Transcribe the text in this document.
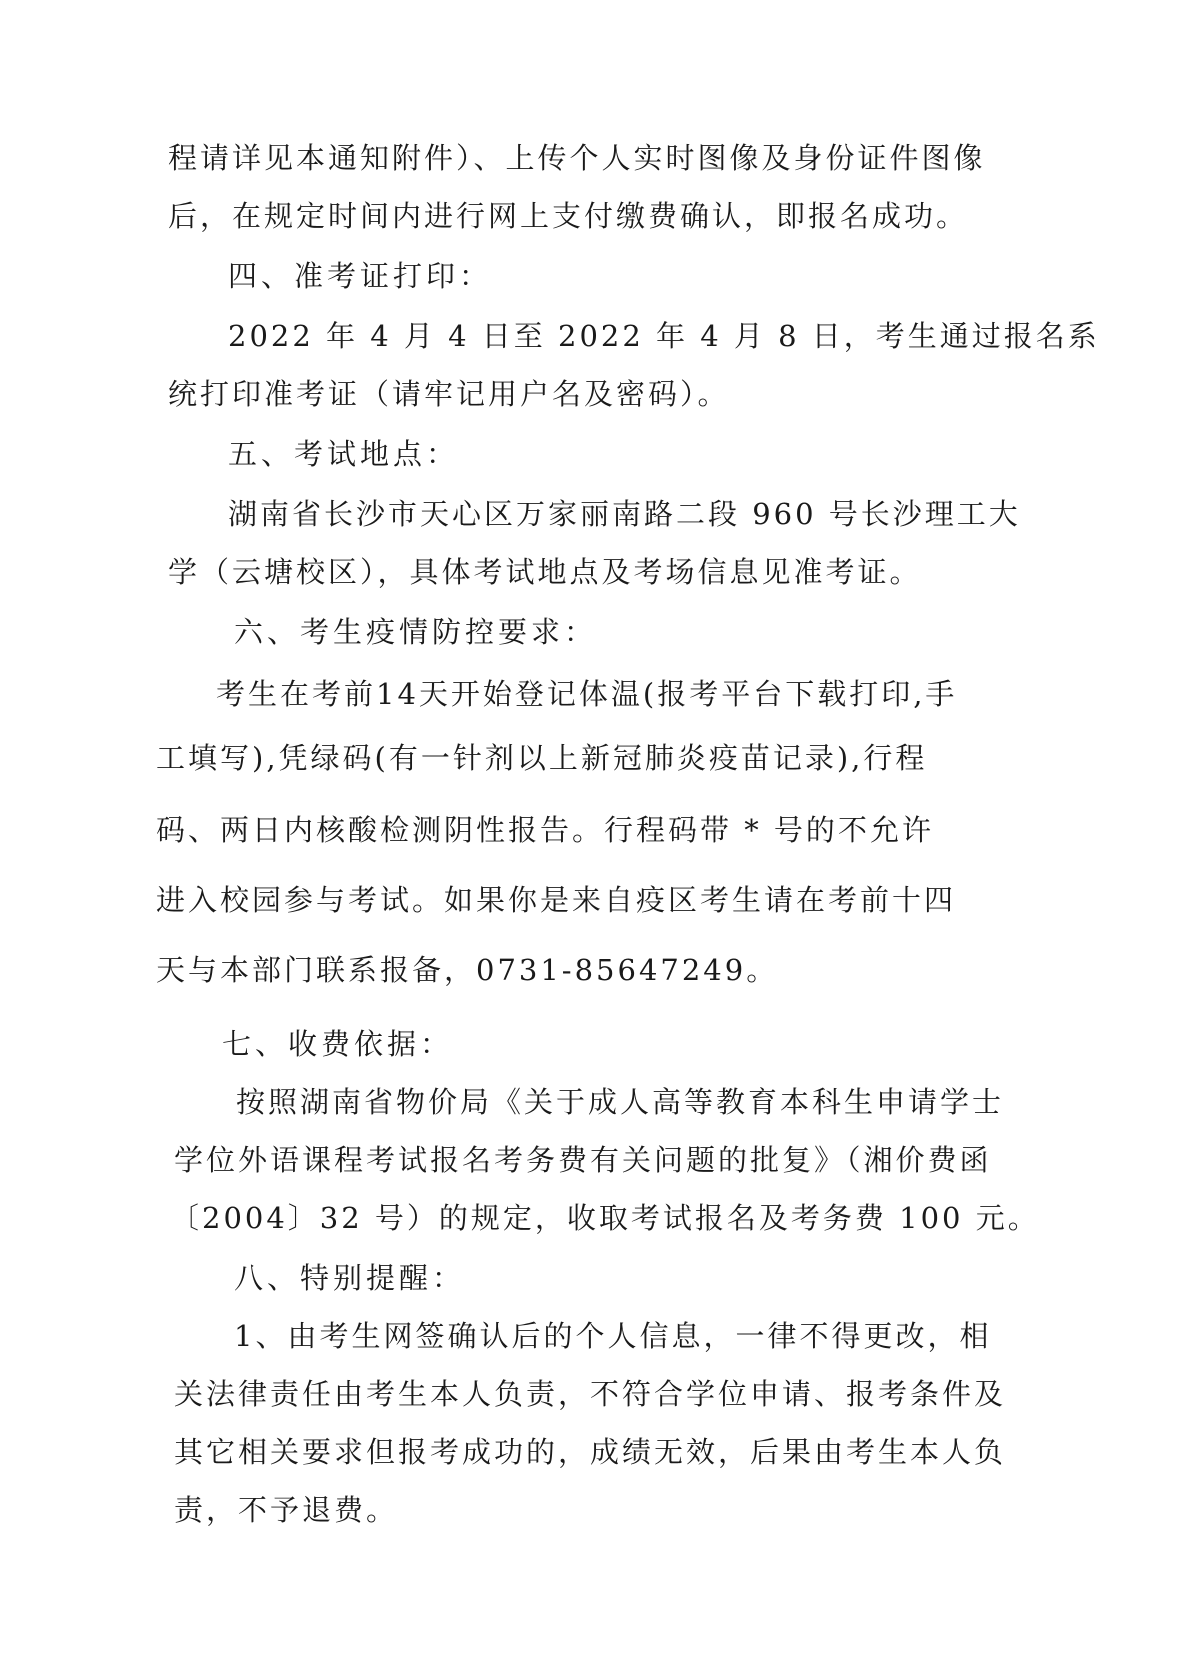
程请详见本通知附件）、上传个人实时图像及身份证件图像

后，在规定时间内进行网上支付缴费确认，即报名成功。

四、准考证打印：

2022 年 4 月 4 日至 2022 年 4 月 8 日，考生通过报名系

统打印准考证（请牢记用户名及密码）。

五、考试地点：

湖南省长沙市天心区万家丽南路二段 960 号长沙理工大

学（云塘校区），具体考试地点及考场信息见准考证。

六、考生疫情防控要求：

考生在考前14天开始登记体温(报考平台下载打印,手

工填写),凭绿码(有一针剂以上新冠肺炎疫苗记录),行程

码、两日内核酸检测阴性报告。行程码带 * 号的不允许

进入校园参与考试。如果你是来自疫区考生请在考前十四

天与本部门联系报备，0731-85647249。

七、收费依据：

按照湖南省物价局《关于成人高等教育本科生申请学士

学位外语课程考试报名考务费有关问题的批复》（湘价费函

〔2004〕32 号）的规定，收取考试报名及考务费 100 元。

八、特别提醒：

1、由考生网签确认后的个人信息，一律不得更改，相

关法律责任由考生本人负责，不符合学位申请、报考条件及

其它相关要求但报考成功的，成绩无效，后果由考生本人负

责，不予退费。
